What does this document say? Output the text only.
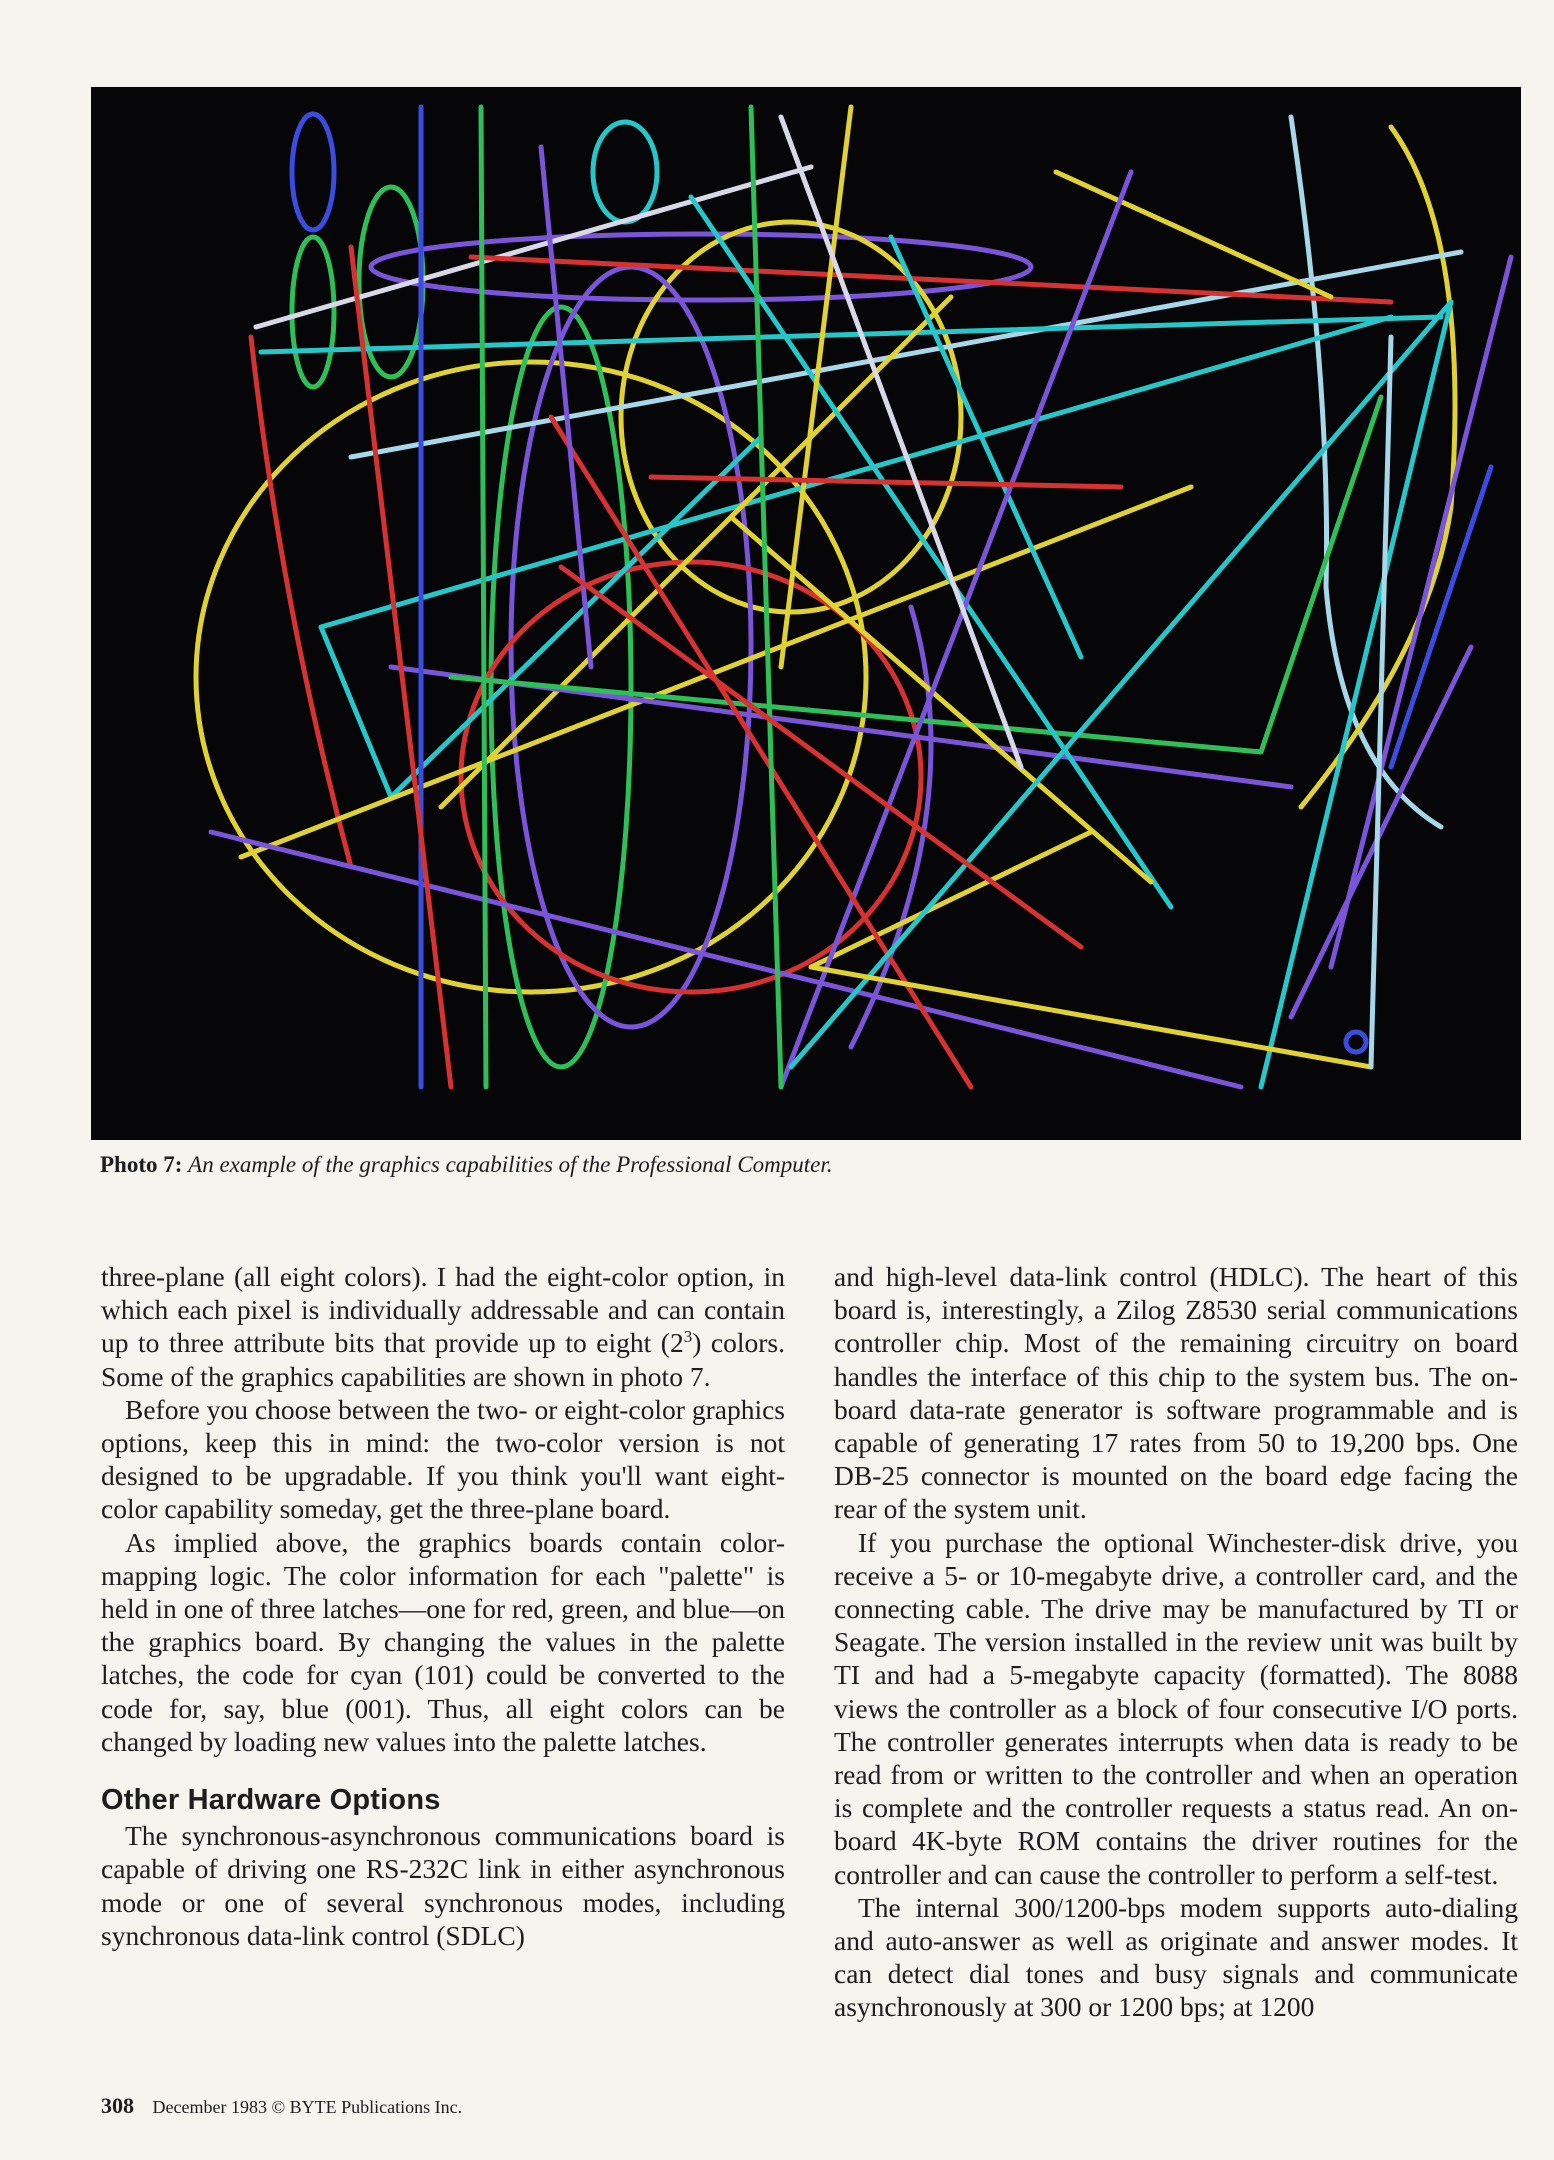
Photo 7: An example of the graphics capabilities of the Professional Computer.

three-plane (all eight colors). I had the eight-color option, in which each pixel is individually addressable and can contain up to three attribute bits that provide up to eight $(2^3)$ colors. Some of the graphics capabilities are shown in photo 7.

Before you choose between the two- or eight-color graphics options, keep this in mind: the two-color version is not designed to be upgradable. If you think you'll want eight-color capability someday, get the three-plane board.

As implied above, the graphics boards contain color-mapping logic. The color information for each "palette" is held in one of three latches—one for red, green, and blue—on the graphics board. By changing the values in the palette latches, the code for cyan (101) could be converted to the code for, say, blue (001). Thus, all eight colors can be changed by loading new values into the palette latches.

Other Hardware Options

The synchronous-asynchronous communications board is capable of driving one RS-232C link in either asynchronous mode or one of several synchronous modes, including synchronous data-link control (SDLC)

and high-level data-link control (HDLC). The heart of this board is, interestingly, a Zilog Z8530 serial communications controller chip. Most of the remaining circuitry on board handles the interface of this chip to the system bus. The on-board data-rate generator is software programmable and is capable of generating 17 rates from 50 to 19,200 bps. One DB-25 connector is mounted on the board edge facing the rear of the system unit.

If you purchase the optional Winchester-disk drive, you receive a 5- or 10-megabyte drive, a controller card, and the connecting cable. The drive may be manufactured by TI or Seagate. The version installed in the review unit was built by TI and had a 5-megabyte capacity (formatted). The 8088 views the controller as a block of four consecutive I/O ports. The controller generates interrupts when data is ready to be read from or written to the controller and when an operation is complete and the controller requests a status read. An on-board 4K-byte ROM contains the driver routines for the controller and can cause the controller to perform a self-test.

The internal 300/1200-bps modem supports auto-dialing and auto-answer as well as originate and answer modes. It can detect dial tones and busy signals and communicate asynchronously at 300 or 1200 bps; at 1200

308 December 1983 © BYTE Publications Inc.
